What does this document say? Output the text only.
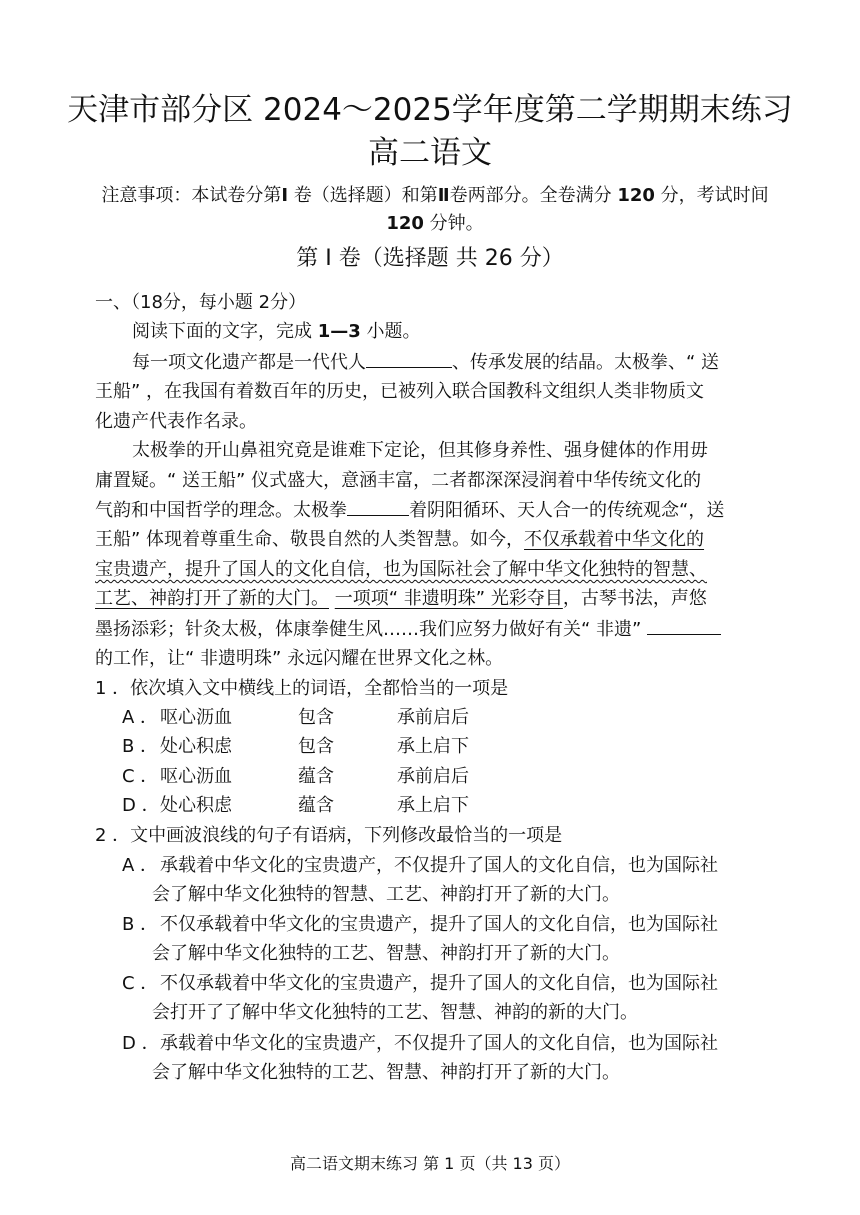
天津市部分区 2024～2025学年度第二学期期末练习
高二语文
注意事项：本试卷分第Ⅰ 卷（选择题）和第Ⅱ卷两部分。全卷满分 120 分，考试时间 120 分钟。
第 Ⅰ 卷（选择题 共 26 分）
一、（18分，每小题 2分）
阅读下面的文字，完成 1—3 小题。
每一项文化遗产都是一代代人	、传承发展的结晶。太极拳、“ 送
王船” ，在我国有着数百年的历史，已被列入联合国教科文组织人类非物质文
化遗产代表作名录。
太极拳的开山鼻祖究竟是谁难下定论，但其修身养性、强身健体的作用毋
庸置疑。“ 送王船” 仪式盛大，意涵丰富，二者都深深浸润着中华传统文化的
气韵和中国哲学的理念。太极拳	着阴阳循环、天人合一的传统观念“，送
王船” 体现着尊重生命、敬畏自然的人类智慧。如今，不仅承载着中华文化的
宝贵遗产，提升了国人的文化自信，也为国际社会了解中华文化独特的智慧、
工艺、神韵打开了新的大门。 一项项“ 非遗明珠” 光彩夺目，古琴书法，声悠
墨扬添彩；针灸太极，体康拳健生风……我们应努力做好有关“ 非遗”
的工作，让“ 非遗明珠” 永远闪耀在世界文化之林。
1 ．依次填入文中横线上的词语，全都恰当的一项是
A ． 呕心沥血	包含	承前启后
B ． 处心积虑	包含	承上启下
C ． 呕心沥血	蕴含	承前启后
D ． 处心积虑	蕴含	承上启下
2 ．文中画波浪线的句子有语病，下列修改最恰当的一项是
A ． 承载着中华文化的宝贵遗产，不仅提升了国人的文化自信，也为国际社
会了解中华文化独特的智慧、工艺、神韵打开了新的大门。
B ． 不仅承载着中华文化的宝贵遗产，提升了国人的文化自信，也为国际社
会了解中华文化独特的工艺、智慧、神韵打开了新的大门。
C ． 不仅承载着中华文化的宝贵遗产，提升了国人的文化自信，也为国际社
会打开了了解中华文化独特的工艺、智慧、神韵的新的大门。
D ． 承载着中华文化的宝贵遗产，不仅提升了国人的文化自信，也为国际社
会了解中华文化独特的工艺、智慧、神韵打开了新的大门。
高二语文期末练习 第 1 页（共 13 页）
